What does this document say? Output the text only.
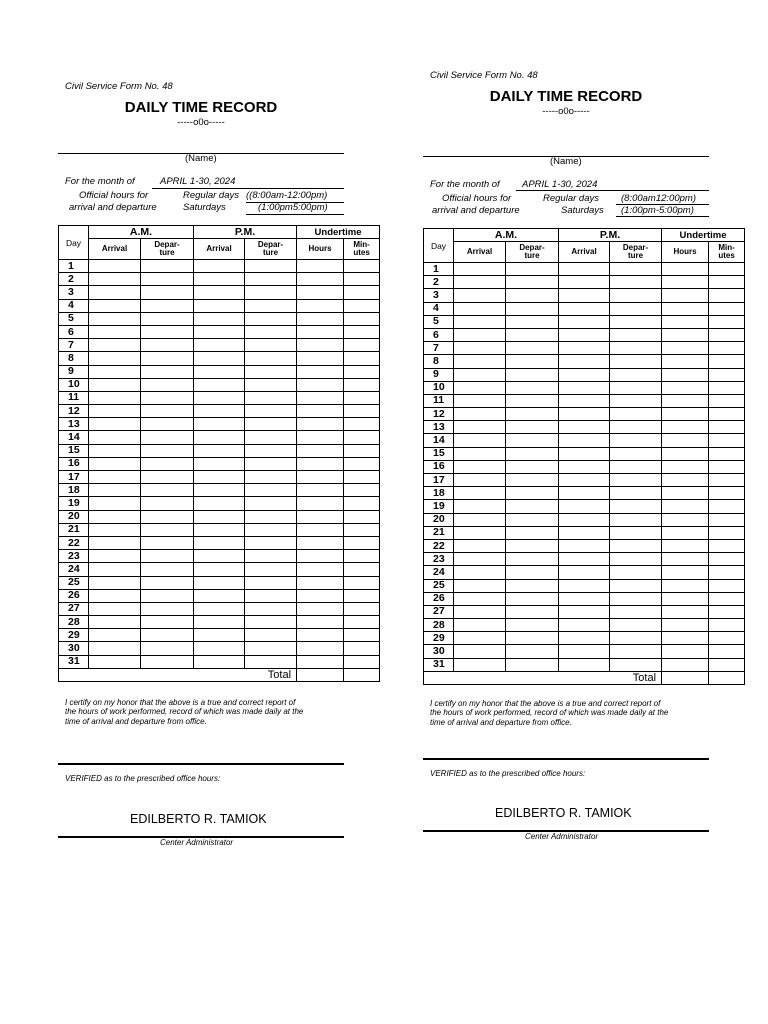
Civil Service Form No. 48
DAILY TIME RECORD
-----o0o-----
(Name)
For the month of	APRIL 1-30, 2024
Official hours for
arrival and departure
Regular days ((8:00am-12:00pm)
Saturdays	(1:00pm5:00pm)
Day	A.M.		P.M.		Undertime	
	Arrival	Depar-ture	Arrival	Depar-ture	Hours	Min-utes
1						
2						
3						
4						
5						
6						
7						
8						
9						
10						
11						
12						
13						
14						
15						
16						
17						
18						
19						
20						
21						
22						
23						
24						
25						
26						
27						
28						
29						
30						
31						
				Total		
I certify on my honor that the above is a true and correct report of
the hours of work performed, record of which was made daily at the
time of arrival and departure from office.
VERIFIED as to the prescribed office hours:
EDILBERTO R. TAMIOK
Center Administrator
Civil Service Form No. 48
DAILY TIME RECORD
-----o0o-----
(Name)
For the month of APRIL 1-30, 2024
Official hours for
arrival and departure
Regular days (8:00am12:00pm)
Saturdays (1:00pm-5:00pm)
Day	A.M.		P.M.		Undertime	
	Arrival	Depar-ture	Arrival	Depar-ture	Hours	Min-utes
1						
2						
3						
4						
5						
6						
7						
8						
9						
10						
11						
12						
13						
14						
15						
16						
17						
18						
19						
20						
21						
22						
23						
24						
25						
26						
27						
28						
29						
30						
31						
				Total		
I certify on my honor that the above is a true and correct report of
the hours of work performed, record of which was made daily at the
time of arrival and departure from office.
VERIFIED as to the prescribed office hours:
EDILBERTO R. TAMIOK
Center Administrator
